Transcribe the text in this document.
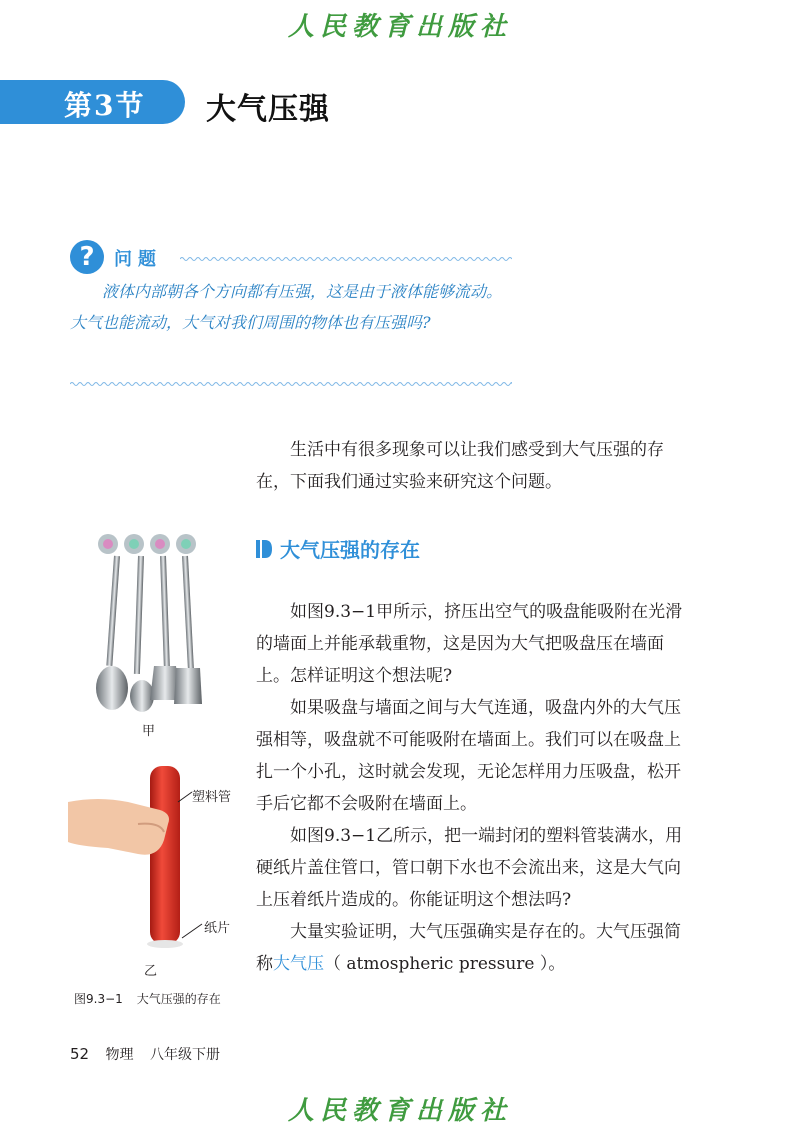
人民教育出版社
第3节 大气压强
?	问题
液体内部朝各个方向都有压强，这是由于液体能够流动。大气也能流动，大气对我们周围的物体也有压强吗?

生活中有很多现象可以让我们感受到大气压强的存在，下面我们通过实验来研究这个问题。

大气压强的存在

如图9.3−1甲所示，挤压出空气的吸盘能吸附在光滑的墙面上并能承载重物，这是因为大气把吸盘压在墙面上。怎样证明这个想法呢?

如果吸盘与墙面之间与大气连通，吸盘内外的大气压强相等，吸盘就不可能吸附在墙面上。我们可以在吸盘上扎一个小孔，这时就会发现，无论怎样用力压吸盘，松开手后它都不会吸附在墙面上。

如图9.3−1乙所示，把一端封闭的塑料管装满水，用硬纸片盖住管口，管口朝下水也不会流出来，这是大气向上压着纸片造成的。你能证明这个想法吗?

大量实验证明，大气压强确实是存在的。大气压强简称大气压（ atmospheric pressure ）。

甲
塑料管
纸片
乙
图9.3−1 大气压强的存在
52 物理 八年级下册
人民教育出版社
